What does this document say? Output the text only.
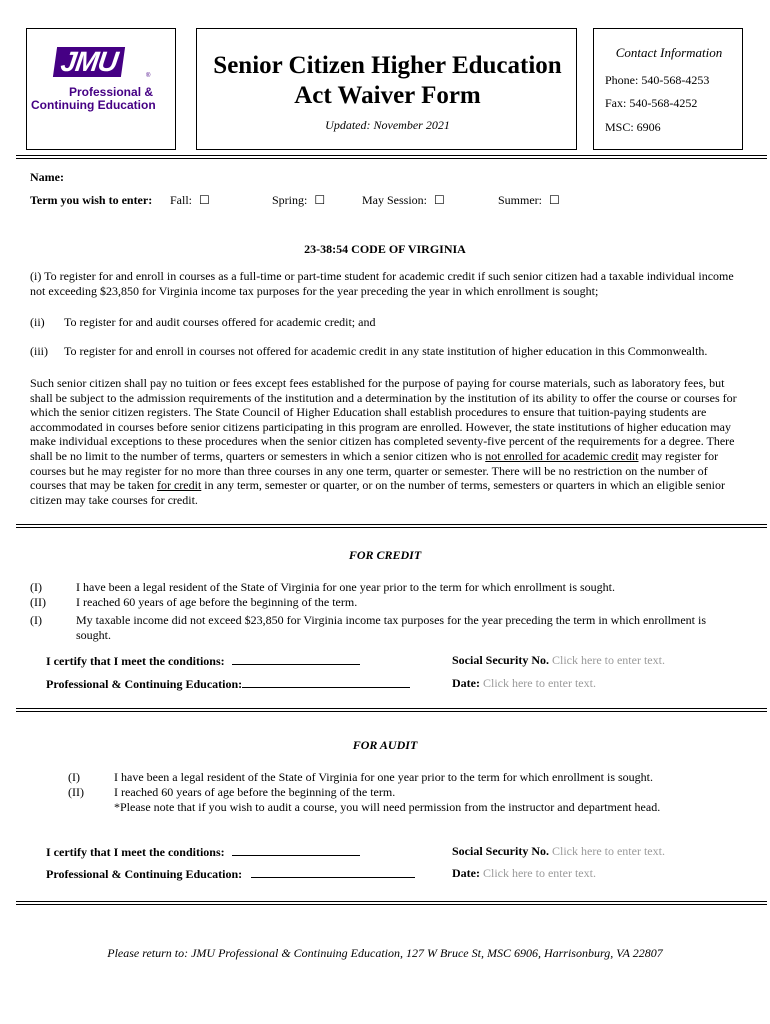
JMU	®
Professional &
Continuing Education
Senior Citizen Higher Education
Act Waiver Form
Updated: November 2021
Contact Information
Phone: 540-568-4253
Fax: 540-568-4252
MSC: 6906
Name:
Term you wish to enter: Fall: ☐	Spring: ☐	May Session: ☐	Summer: ☐
23-38:54 CODE OF VIRGINIA
(i) To register for and enroll in courses as a full-time or part-time student for academic credit if such senior citizen had a taxable individual income not exceeding $23,850 for Virginia income tax purposes for the year preceding the year in which enrollment is sought;
(ii) To register for and audit courses offered for academic credit; and
(iii) To register for and enroll in courses not offered for academic credit in any state institution of higher education in this Commonwealth.
Such senior citizen shall pay no tuition or fees except fees established for the purpose of paying for course materials, such as laboratory fees, but shall be subject to the admission requirements of the institution and a determination by the institution of its ability to offer the course or courses for which the senior citizen registers. The State Council of Higher Education shall establish procedures to ensure that tuition-paying students are accommodated in courses before senior citizens participating in this program are enrolled. However, the state institutions of higher education may make individual exceptions to these procedures when the senior citizen has completed seventy-five percent of the requirements for a degree. There shall be no limit to the number of terms, quarters or semesters in which a senior citizen who is not enrolled for academic credit may register for courses but he may register for no more than three courses in any one term, quarter or semester. There will be no restriction on the number of courses that may be taken for credit in any term, semester or quarter, or on the number of terms, semesters or quarters in which an eligible senior citizen may take courses for credit.
FOR CREDIT
(I)	I have been a legal resident of the State of Virginia for one year prior to the term for which enrollment is sought.
(II)	I reached 60 years of age before the beginning of the term.
(I)	My taxable income did not exceed $23,850 for Virginia income tax purposes for the year preceding the term in which enrollment is sought.
I certify that I meet the conditions:	Social Security No. Click here to enter text.
Professional & Continuing Education:	Date: Click here to enter text.
FOR AUDIT
(I)	I have been a legal resident of the State of Virginia for one year prior to the term for which enrollment is sought.
(II)	I reached 60 years of age before the beginning of the term.
*Please note that if you wish to audit a course, you will need permission from the instructor and department head.
I certify that I meet the conditions:	Social Security No. Click here to enter text.
Professional & Continuing Education:	Date: Click here to enter text.
Please return to: JMU Professional & Continuing Education, 127 W Bruce St, MSC 6906, Harrisonburg, VA 22807
